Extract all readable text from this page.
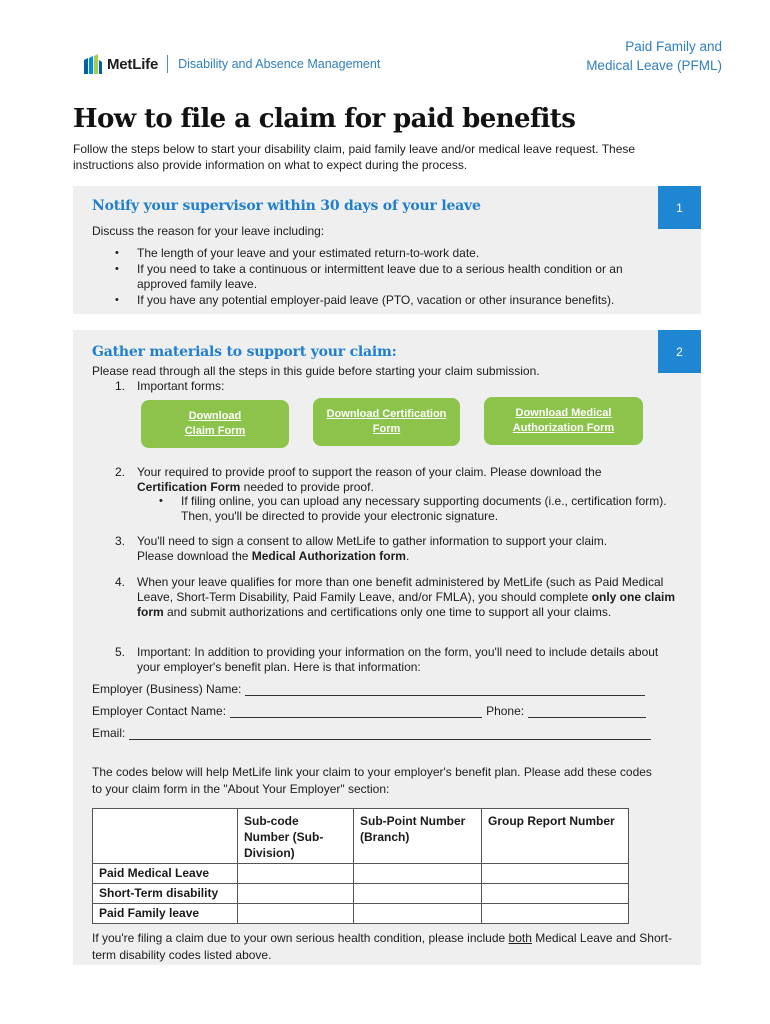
MetLife Disability and Absence Management
Paid Family and
Medical Leave (PFML)
How to file a claim for paid benefits

Follow the steps below to start your disability claim, paid family leave and/or medical leave request. These instructions also provide information on what to expect during the process.

1
Notify your supervisor within 30 days of your leave
Discuss the reason for your leave including:
• The length of your leave and your estimated return-to-work date.
• If you need to take a continuous or intermittent leave due to a serious health condition or an approved family leave.
• If you have any potential employer-paid leave (PTO, vacation or other insurance benefits).
2
Gather materials to support your claim:
Please read through all the steps in this guide before starting your claim submission.
1. Important forms:
Download
Claim Form
Download Certification
Form
Download Medical
Authorization Form
2. Your required to provide proof to support the reason of your claim. Please download the
Certification Form needed to provide proof.
• If filing online, you can upload any necessary supporting documents (i.e., certification form). Then, you'll be directed to provide your electronic signature.
3. You'll need to sign a consent to allow MetLife to gather information to support your claim.
Please download the Medical Authorization form.
4. When your leave qualifies for more than one benefit administered by MetLife (such as Paid Medical Leave, Short-Term Disability, Paid Family Leave, and/or FMLA), you should complete only one claim form and submit authorizations and certifications only one time to support all your claims.
5. Important: In addition to providing your information on the form, you'll need to include details about your employer's benefit plan. Here is that information:
Employer (Business) Name:
Employer Contact Name:	Phone:
Email:
The codes below will help MetLife link your claim to your employer's benefit plan. Please add these codes to your claim form in the "About Your Employer" section:
	Sub-code Number (Sub-Division)	Sub-Point Number (Branch)	Group Report Number
Paid Medical Leave			
Short-Term disability			
Paid Family leave			
If you're filing a claim due to your own serious health condition, please include both Medical Leave and Short-term disability codes listed above.
